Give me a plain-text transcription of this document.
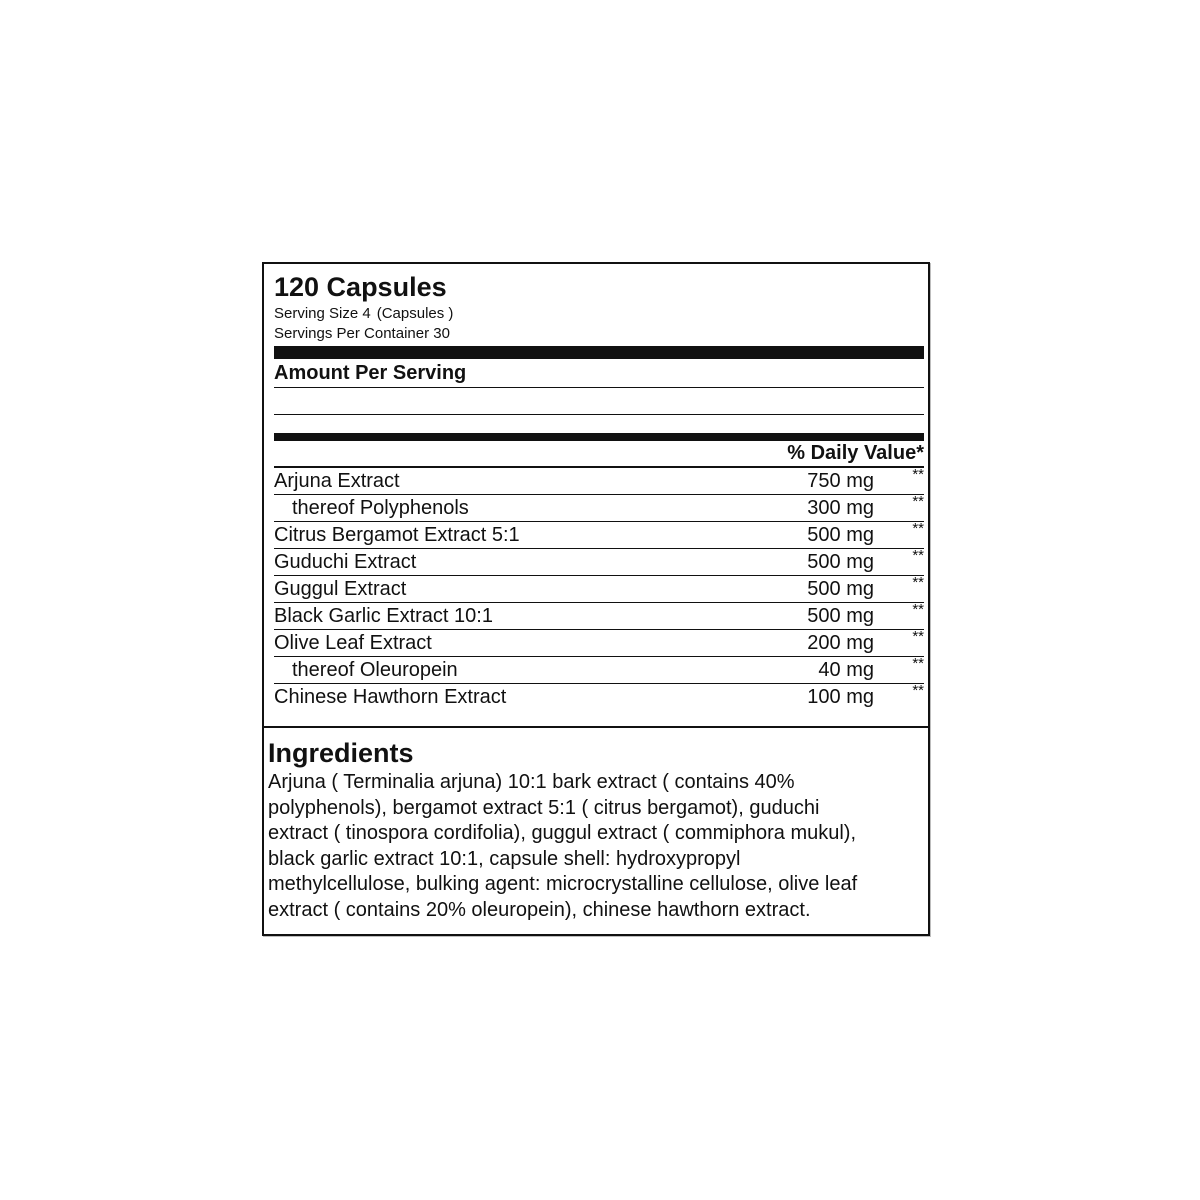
120 Capsules
Serving Size 4 (Capsules )
Servings Per Container 30
Amount Per Serving
% Daily Value*
Arjuna Extract	750 mg	**
thereof Polyphenols	300 mg	**
Citrus Bergamot Extract 5:1	500 mg	**
Guduchi Extract	500 mg	**
Guggul Extract	500 mg	**
Black Garlic Extract 10:1	500 mg	**
Olive Leaf Extract	200 mg	**
thereof Oleuropein	40 mg	**
Chinese Hawthorn Extract	100 mg	**
Ingredients
Arjuna ( Terminalia arjuna) 10:1 bark extract ( contains 40%
polyphenols), bergamot extract 5:1 ( citrus bergamot), guduchi
extract ( tinospora cordifolia), guggul extract ( commiphora mukul),
black garlic extract 10:1, capsule shell: hydroxypropyl
methylcellulose, bulking agent: microcrystalline cellulose, olive leaf
extract ( contains 20% oleuropein), chinese hawthorn extract.
